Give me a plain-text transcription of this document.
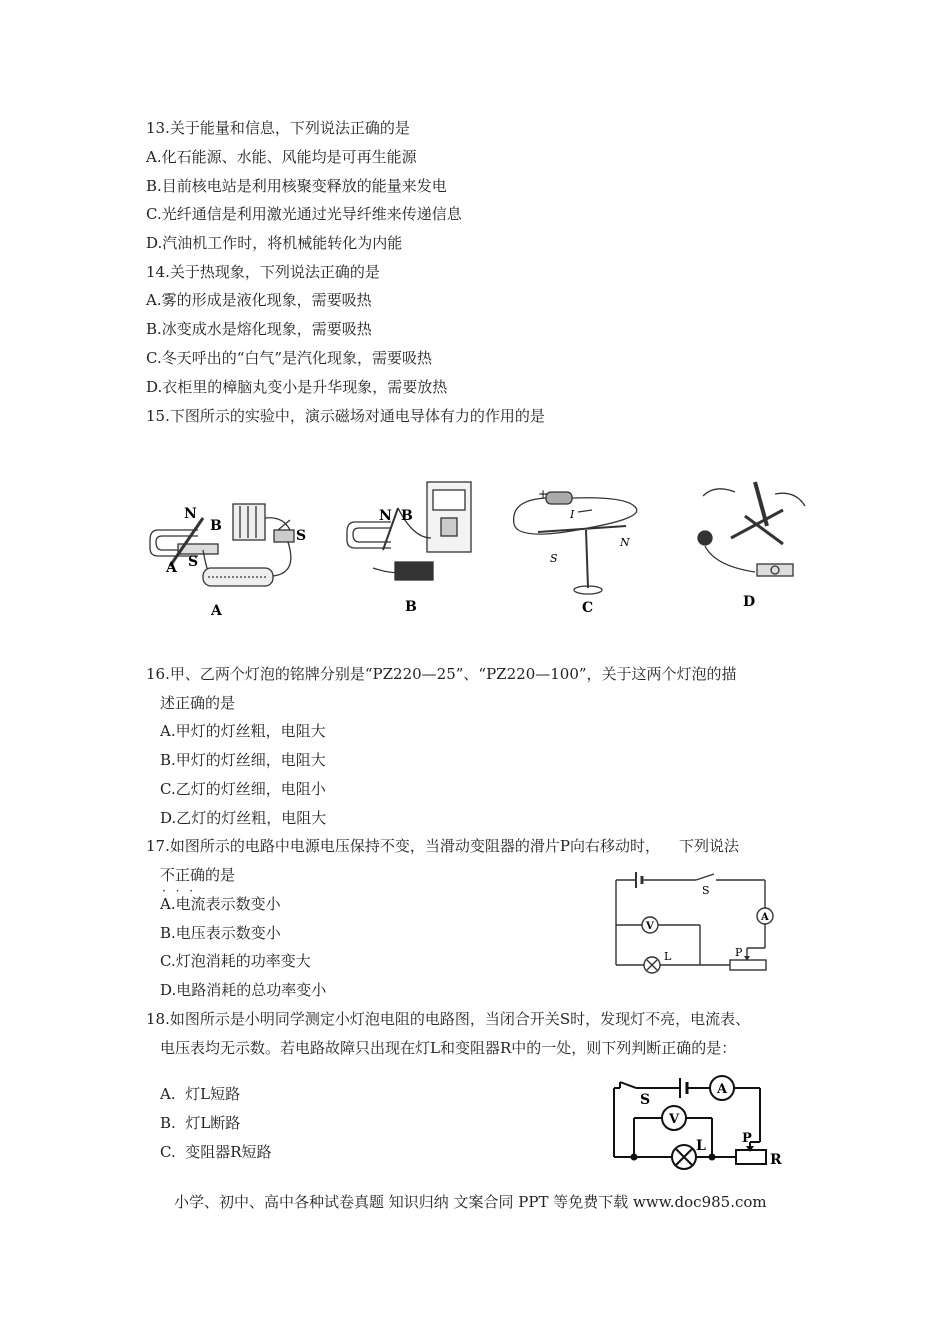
13.关于能量和信息，下列说法正确的是
A.化石能源、水能、风能均是可再生能源
B.目前核电站是利用核聚变释放的能量来发电
C.光纤通信是利用激光通过光导纤维来传递信息
D.汽油机工作时，将机械能转化为内能
14.关于热现象，下列说法正确的是
A.雾的形成是液化现象，需要吸热
B.冰变成水是熔化现象，需要吸热
C.冬天呼出的“白气”是汽化现象，需要吸热
D.衣柜里的樟脑丸变小是升华现象，需要放热
15.下图所示的实验中，演示磁场对通电导体有力的作用的是
N
B
S
A
S
A
N B
B
+
I
S
N
C	D
16.甲、乙两个灯泡的铭牌分别是“PZ220—25”、“PZ220—100”，关于这两个灯泡的描
述正确的是
A.甲灯的灯丝粗，电阻大
B.甲灯的灯丝细，电阻大
C.乙灯的灯丝细，电阻小
D.乙灯的灯丝粗，电阻大
17.如图所示的电路中电源电压保持不变，当滑动变阻器的滑片P向右移动时，    下列说法
不正确 · · ·的是
A.电流表示数变小
B.电压表示数变小
C.灯泡消耗的功率变大
D.电路消耗的总功率变小
S
A
V
L	P
18.如图所示是小明同学测定小灯泡电阻的电路图，当闭合开关S时，发现灯不亮，电流表、
电压表均无示数。若电路故障只出现在灯L和变阻器R中的一处，则下列判断正确的是：
A.  灯L短路
B.  灯L断路
C.  变阻器R短路
S
A
V
L	P
R
小学、初中、高中各种试卷真题 知识归纳 文案合同 PPT 等免费下载 www.doc985.com
